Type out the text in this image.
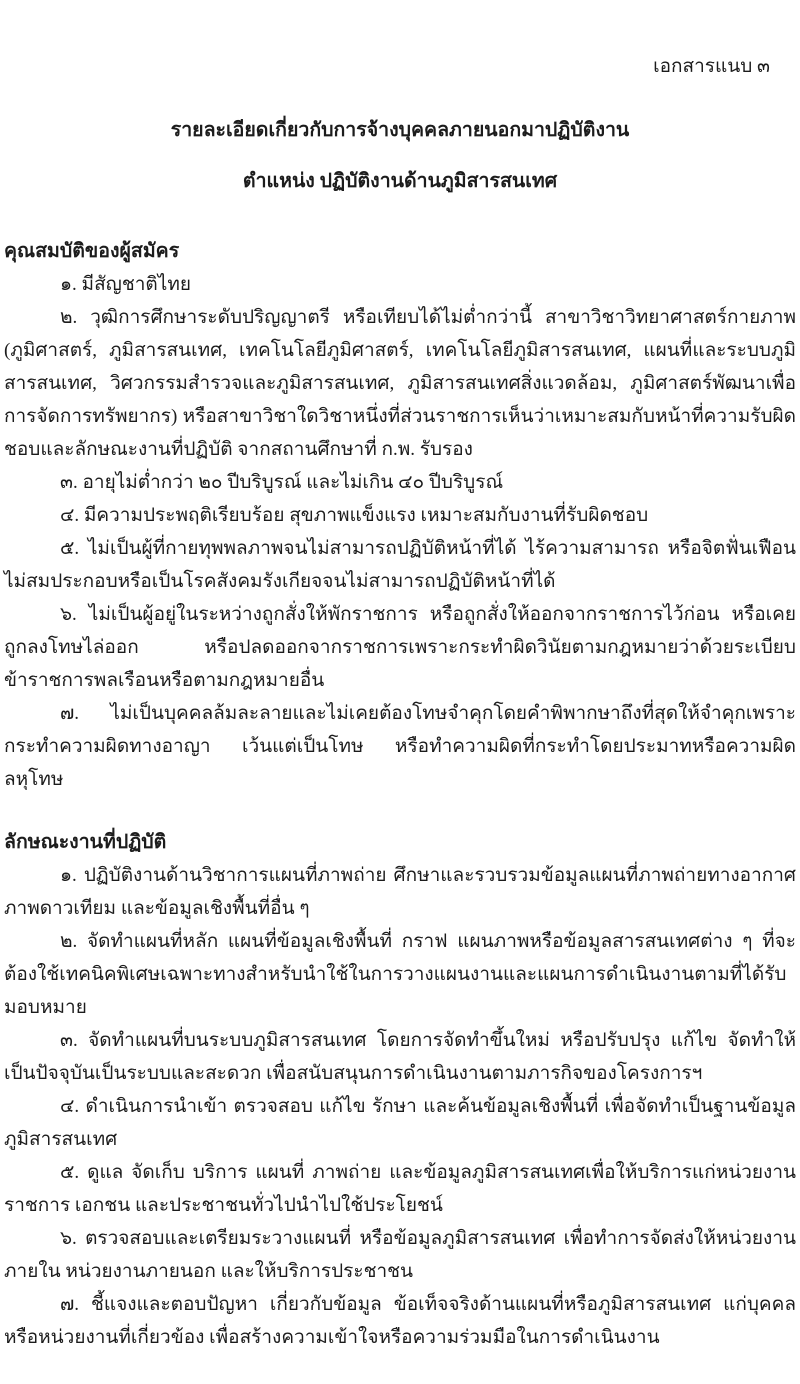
เอกสารแนบ ๓
รายละเอียดเกี่ยวกับการจ้างบุคคลภายนอกมาปฏิบัติงาน
ตำแหน่ง ปฏิบัติงานด้านภูมิสารสนเทศ
คุณสมบัติของผู้สมัคร

๑. มีสัญชาติไทย

๒. วุฒิการศึกษาระดับปริญญาตรี หรือเทียบได้ไม่ต่ำกว่านี้ สาขาวิชาวิทยาศาสตร์กายภาพ (ภูมิศาสตร์, ภูมิสารสนเทศ, เทคโนโลยีภูมิศาสตร์, เทคโนโลยีภูมิสารสนเทศ, แผนที่และระบบภูมิสารสนเทศ, วิศวกรรมสำรวจและภูมิสารสนเทศ, ภูมิสารสนเทศสิ่งแวดล้อม, ภูมิศาสตร์พัฒนาเพื่อการจัดการทรัพยากร) หรือสาขาวิชาใดวิชาหนึ่งที่ส่วนราชการเห็นว่าเหมาะสมกับหน้าที่ความรับผิดชอบและลักษณะงานที่ปฏิบัติ จากสถานศึกษาที่ ก.พ. รับรอง

๓. อายุไม่ต่ำกว่า ๒๐ ปีบริบูรณ์ และไม่เกิน ๔๐ ปีบริบูรณ์

๔. มีความประพฤติเรียบร้อย สุขภาพแข็งแรง เหมาะสมกับงานที่รับผิดชอบ

๕. ไม่เป็นผู้ที่กายทุพพลภาพจนไม่สามารถปฏิบัติหน้าที่ได้ ไร้ความสามารถ หรือจิตฟั่นเฟือน ไม่สมประกอบหรือเป็นโรคสังคมรังเกียจจนไม่สามารถปฏิบัติหน้าที่ได้

๖. ไม่เป็นผู้อยู่ในระหว่างถูกสั่งให้พักราชการ หรือถูกสั่งให้ออกจากราชการไว้ก่อน หรือเคยถูกลงโทษไล่ออก หรือปลดออกจากราชการเพราะกระทำผิดวินัยตามกฎหมายว่าด้วยระเบียบข้าราชการพลเรือนหรือตามกฎหมายอื่น

๗. ไม่เป็นบุคคลล้มละลายและไม่เคยต้องโทษจำคุกโดยคำพิพากษาถึงที่สุดให้จำคุกเพราะกระทำความผิดทางอาญา เว้นแต่เป็นโทษ หรือทำความผิดที่กระทำโดยประมาทหรือความผิดลหุโทษ

ลักษณะงานที่ปฏิบัติ

๑. ปฏิบัติงานด้านวิชาการแผนที่ภาพถ่าย ศึกษาและรวบรวมข้อมูลแผนที่ภาพถ่ายทางอากาศ ภาพดาวเทียม และข้อมูลเชิงพื้นที่อื่น ๆ

๒. จัดทำแผนที่หลัก แผนที่ข้อมูลเชิงพื้นที่ กราฟ แผนภาพหรือข้อมูลสารสนเทศต่าง ๆ ที่จะต้องใช้เทคนิคพิเศษเฉพาะทางสำหรับนำใช้ในการวางแผนงานและแผนการดำเนินงานตามที่ได้รับมอบหมาย

๓. จัดทำแผนที่บนระบบภูมิสารสนเทศ โดยการจัดทำขึ้นใหม่ หรือปรับปรุง แก้ไข จัดทำให้เป็นปัจจุบันเป็นระบบและสะดวก เพื่อสนับสนุนการดำเนินงานตามภารกิจของโครงการฯ

๔. ดำเนินการนำเข้า ตรวจสอบ แก้ไข รักษา และค้นข้อมูลเชิงพื้นที่ เพื่อจัดทำเป็นฐานข้อมูลภูมิสารสนเทศ

๕. ดูแล จัดเก็บ บริการ แผนที่ ภาพถ่าย และข้อมูลภูมิสารสนเทศเพื่อให้บริการแก่หน่วยงานราชการ เอกชน และประชาชนทั่วไปนำไปใช้ประโยชน์

๖. ตรวจสอบและเตรียมระวางแผนที่ หรือข้อมูลภูมิสารสนเทศ เพื่อทำการจัดส่งให้หน่วยงานภายใน หน่วยงานภายนอก และให้บริการประชาชน

๗. ชี้แจงและตอบปัญหา เกี่ยวกับข้อมูล ข้อเท็จจริงด้านแผนที่หรือภูมิสารสนเทศ แก่บุคคลหรือหน่วยงานที่เกี่ยวข้อง เพื่อสร้างความเข้าใจหรือความร่วมมือในการดำเนินงาน
